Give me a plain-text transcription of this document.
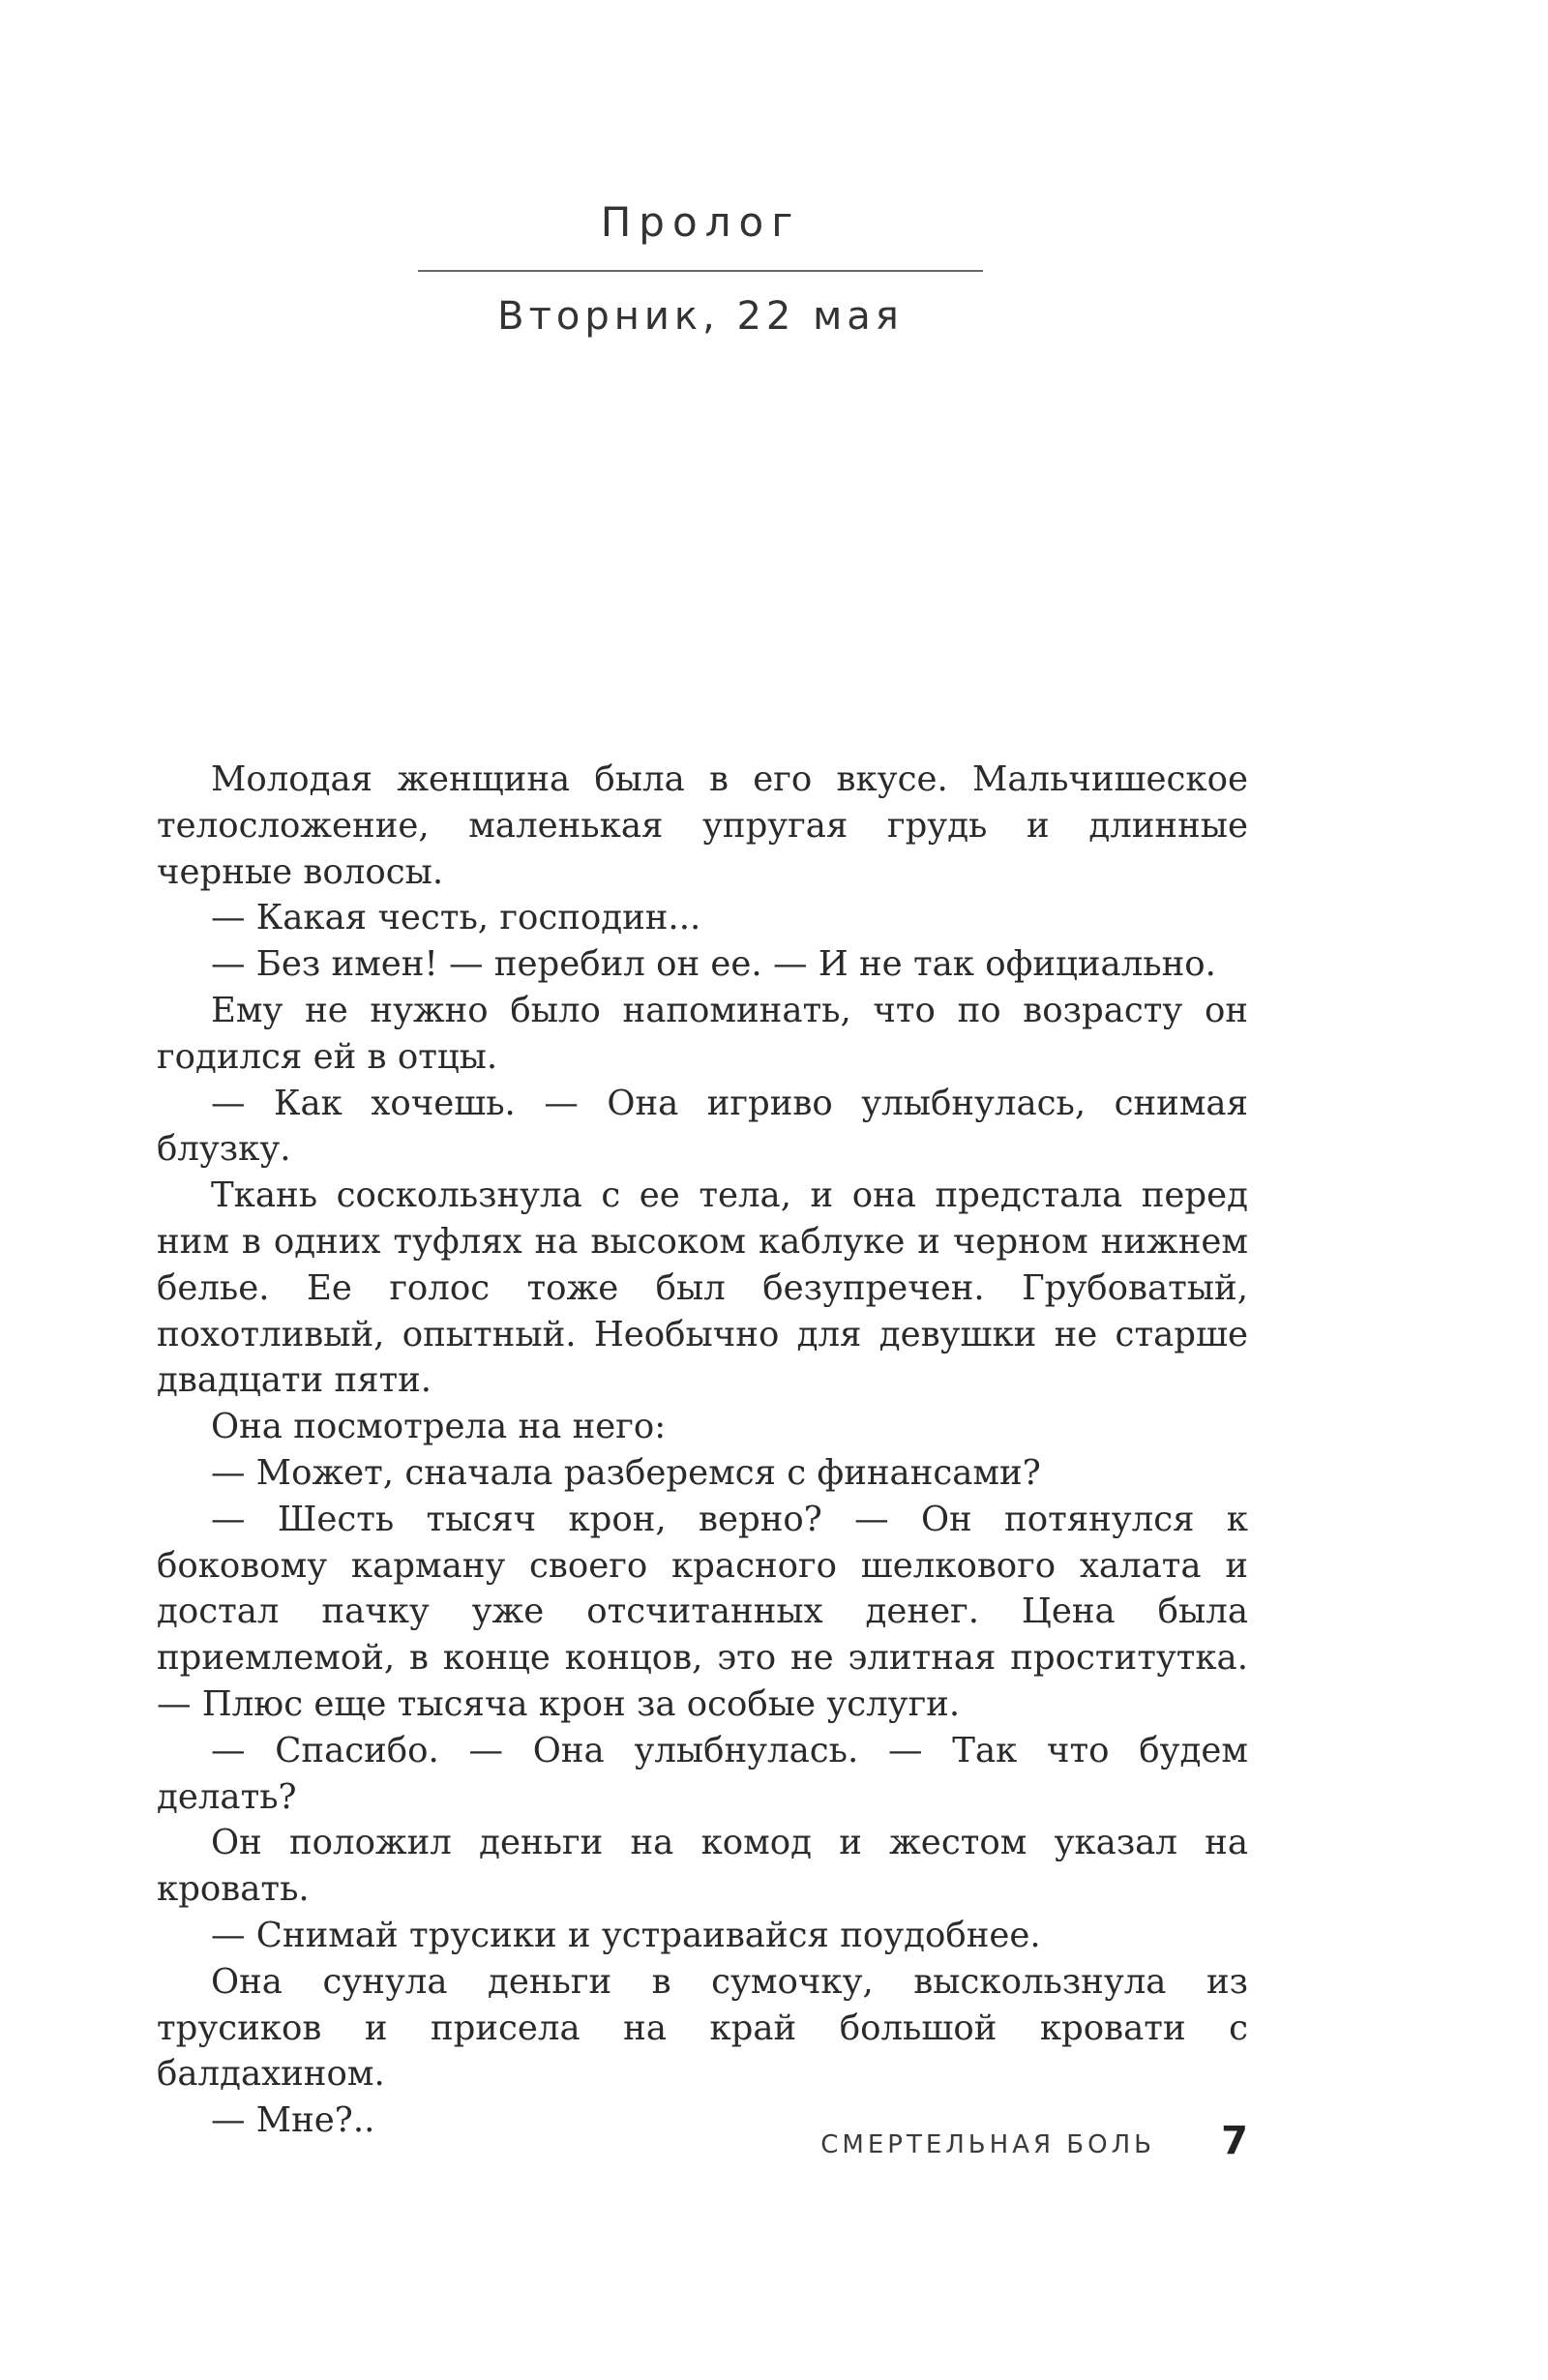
Пролог
Вторник, 22 мая

Молодая женщина была в его вкусе. Мальчишеское телосложение, маленькая упругая грудь и длинные черные волосы.

— Какая честь, господин...

— Без имен! — перебил он ее. — И не так официально.

Ему не нужно было напоминать, что по возрасту он годился ей в отцы.

— Как хочешь. — Она игриво улыбнулась, снимая блузку.

Ткань соскользнула с ее тела, и она предстала перед ним в одних туфлях на высоком каблуке и черном нижнем белье. Ее голос тоже был безупречен. Грубоватый, похотливый, опытный. Необычно для девушки не старше двадцати пяти.

Она посмотрела на него:

— Может, сначала разберемся с финансами?

— Шесть тысяч крон, верно? — Он потянулся к боковому карману своего красного шелкового халата и достал пачку уже отсчитанных денег. Цена была приемлемой, в конце концов, это не элитная проститутка. — Плюс еще тысяча крон за особые услуги.

— Спасибо. — Она улыбнулась. — Так что будем делать?

Он положил деньги на комод и жестом указал на кровать.

— Снимай трусики и устраивайся поудобнее.

Она сунула деньги в сумочку, выскользнула из трусиков и присела на край большой кровати с балдахином.

— Мне?..

СМЕРТЕЛЬНАЯ БОЛЬ 7
